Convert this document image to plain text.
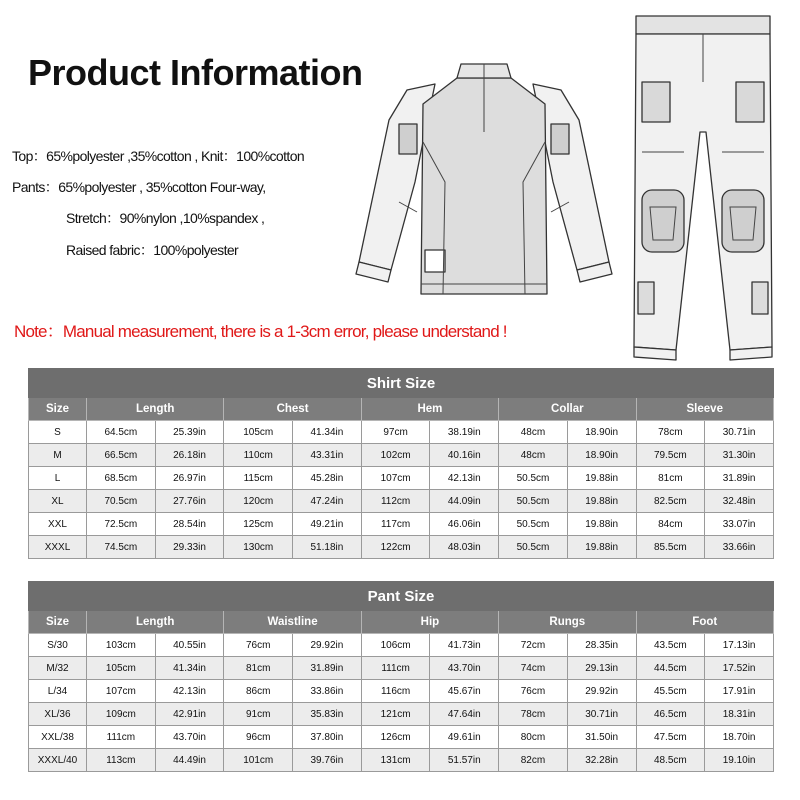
Product Information
Top：65%polyester ,35%cotton , Knit：100%cotton
Pants：65%polyester , 35%cotton Four-way,
Stretch：90%nylon ,10%spandex ,
Raised fabric：100%polyester
Note：Manual measurement, there is a 1-3cm error, please understand !
Shirt Size										
Size	Length		Chest		Hem		Collar		Sleeve	
S	64.5cm	25.39in	105cm	41.34in	97cm	38.19in	48cm	18.90in	78cm	30.71in
M	66.5cm	26.18in	110cm	43.31in	102cm	40.16in	48cm	18.90in	79.5cm	31.30in
L	68.5cm	26.97in	115cm	45.28in	107cm	42.13in	50.5cm	19.88in	81cm	31.89in
XL	70.5cm	27.76in	120cm	47.24in	112cm	44.09in	50.5cm	19.88in	82.5cm	32.48in
XXL	72.5cm	28.54in	125cm	49.21in	117cm	46.06in	50.5cm	19.88in	84cm	33.07in
XXXL	74.5cm	29.33in	130cm	51.18in	122cm	48.03in	50.5cm	19.88in	85.5cm	33.66in
Pant Size										
Size	Length		Waistline		Hip		Rungs		Foot	
S/30	103cm	40.55in	76cm	29.92in	106cm	41.73in	72cm	28.35in	43.5cm	17.13in
M/32	105cm	41.34in	81cm	31.89in	111cm	43.70in	74cm	29.13in	44.5cm	17.52in
L/34	107cm	42.13in	86cm	33.86in	116cm	45.67in	76cm	29.92in	45.5cm	17.91in
XL/36	109cm	42.91in	91cm	35.83in	121cm	47.64in	78cm	30.71in	46.5cm	18.31in
XXL/38	111cm	43.70in	96cm	37.80in	126cm	49.61in	80cm	31.50in	47.5cm	18.70in
XXXL/40	113cm	44.49in	101cm	39.76in	131cm	51.57in	82cm	32.28in	48.5cm	19.10in
